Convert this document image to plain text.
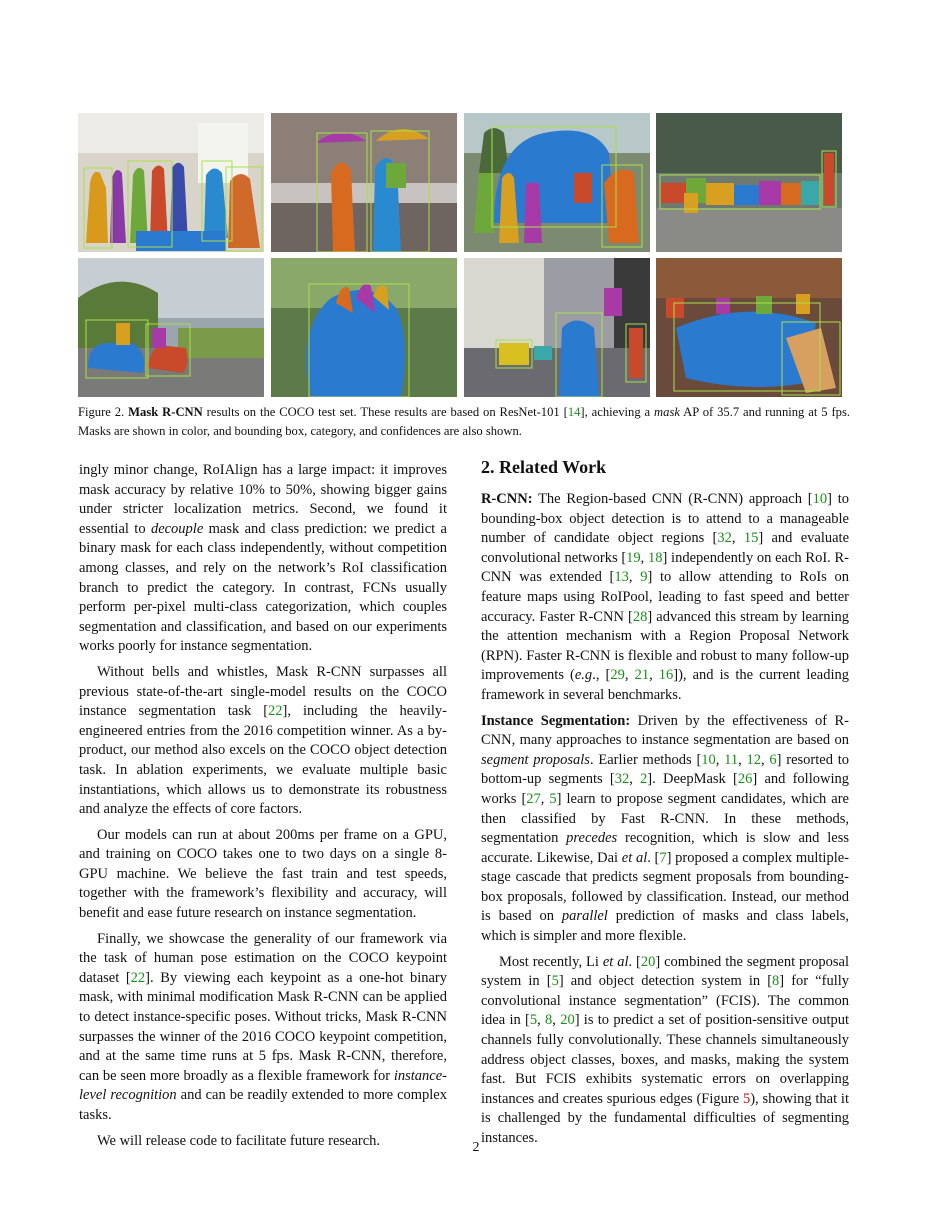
Figure 2. Mask R-CNN results on the COCO test set. These results are based on ResNet-101 [14], achieving a mask AP of 35.7 and running at 5 fps. Masks are shown in color, and bounding box, category, and confidences are also shown.

ingly minor change, RoIAlign has a large impact: it improves mask accuracy by relative 10% to 50%, showing bigger gains under stricter localization metrics. Second, we found it essential to decouple mask and class prediction: we predict a binary mask for each class independently, without competition among classes, and rely on the network’s RoI classification branch to predict the category. In contrast, FCNs usually perform per-pixel multi-class categorization, which couples segmentation and classification, and based on our experiments works poorly for instance segmentation.

Without bells and whistles, Mask R-CNN surpasses all previous state-of-the-art single-model results on the COCO instance segmentation task [22], including the heavily-engineered entries from the 2016 competition winner. As a by-product, our method also excels on the COCO object detection task. In ablation experiments, we evaluate multiple basic instantiations, which allows us to demonstrate its robustness and analyze the effects of core factors.

Our models can run at about 200ms per frame on a GPU, and training on COCO takes one to two days on a single 8-GPU machine. We believe the fast train and test speeds, together with the framework’s flexibility and accuracy, will benefit and ease future research on instance segmentation.

Finally, we showcase the generality of our framework via the task of human pose estimation on the COCO keypoint dataset [22]. By viewing each keypoint as a one-hot binary mask, with minimal modification Mask R-CNN can be applied to detect instance-specific poses. Without tricks, Mask R-CNN surpasses the winner of the 2016 COCO keypoint competition, and at the same time runs at 5 fps. Mask R-CNN, therefore, can be seen more broadly as a flexible framework for instance-level recognition and can be readily extended to more complex tasks.

We will release code to facilitate future research.

2. Related Work

R-CNN: The Region-based CNN (R-CNN) approach [10] to bounding-box object detection is to attend to a manageable number of candidate object regions [32, 15] and evaluate convolutional networks [19, 18] independently on each RoI. R-CNN was extended [13, 9] to allow attending to RoIs on feature maps using RoIPool, leading to fast speed and better accuracy. Faster R-CNN [28] advanced this stream by learning the attention mechanism with a Region Proposal Network (RPN). Faster R-CNN is flexible and robust to many follow-up improvements (e.g., [29, 21, 16]), and is the current leading framework in several benchmarks.

Instance Segmentation: Driven by the effectiveness of R-CNN, many approaches to instance segmentation are based on segment proposals. Earlier methods [10, 11, 12, 6] resorted to bottom-up segments [32, 2]. DeepMask [26] and following works [27, 5] learn to propose segment candidates, which are then classified by Fast R-CNN. In these methods, segmentation precedes recognition, which is slow and less accurate. Likewise, Dai et al. [7] proposed a complex multiple-stage cascade that predicts segment proposals from bounding-box proposals, followed by classification. Instead, our method is based on parallel prediction of masks and class labels, which is simpler and more flexible.

Most recently, Li et al. [20] combined the segment proposal system in [5] and object detection system in [8] for “fully convolutional instance segmentation” (FCIS). The common idea in [5, 8, 20] is to predict a set of position-sensitive output channels fully convolutionally. These channels simultaneously address object classes, boxes, and masks, making the system fast. But FCIS exhibits systematic errors on overlapping instances and creates spurious edges (Figure 5), showing that it is challenged by the fundamental difficulties of segmenting instances.

2
